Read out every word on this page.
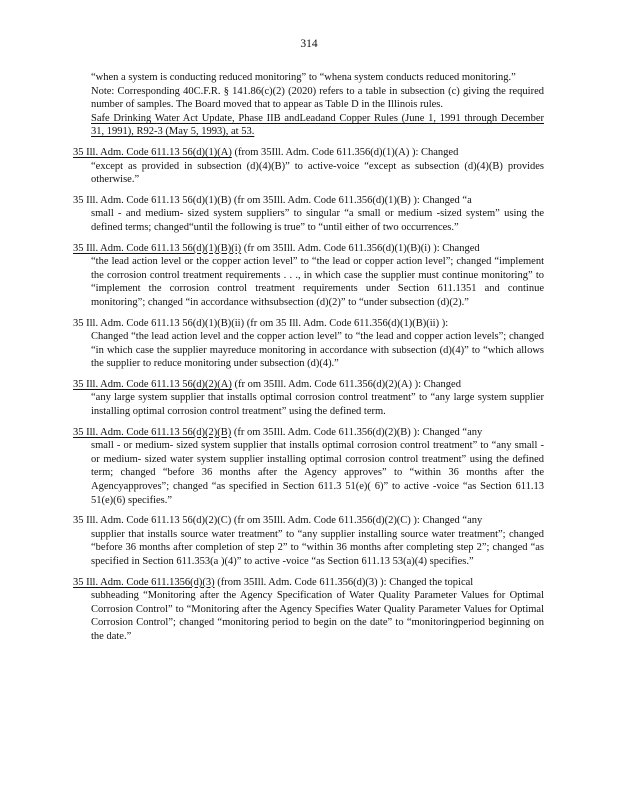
314

“when a system is conducting reduced monitoring” to “whena system conducts reduced monitoring.”

Note: Corresponding 40C.F.R. § 141.86(c)(2) (2020) refers to a table in subsection (c) giving the required number of samples. The Board moved that to appear as Table D in the Illinois rules.

Safe Drinking Water Act Update, Phase IIB andLeadand Copper Rules (June 1, 1991 through December 31, 1991), R92-3 (May 5, 1993), at 53.

35 Ill. Adm. Code 611.13 56(d)(1)(A) (from 35Ill. Adm. Code 611.356(d)(1)(A) ): Changed

“except as provided in subsection (d)(4)(B)” to active-voice “except as subsection (d)(4)(B) provides otherwise.”

35 Ill. Adm. Code 611.13 56(d)(1)(B) (fr om 35Ill. Adm. Code 611.356(d)(1)(B) ): Changed “a

small - and medium- sized system suppliers” to singular “a small or medium -sized system” using the defined terms; changed“until the following is true” to “until either of two occurrences.”

35 Ill. Adm. Code 611.13 56(d)(1)(B)(i) (fr om 35Ill. Adm. Code 611.356(d)(1)(B)(i) ): Changed

“the lead action level or the copper action level” to “the lead or copper action level”; changed “implement the corrosion control treatment requirements . . ., in which case the supplier must continue monitoring” to “implement the corrosion control treatment requirements under Section 611.1351 and continue monitoring”; changed “in accordance withsubsection (d)(2)” to “under subsection (d)(2).”

35 Ill. Adm. Code 611.13 56(d)(1)(B)(ii) (fr om 35 Ill. Adm. Code 611.356(d)(1)(B)(ii) ):

Changed “the lead action level and the copper action level” to “the lead and copper action levels”; changed “in which case the supplier mayreduce monitoring in accordance with subsection (d)(4)” to “which allows the supplier to reduce monitoring under subsection (d)(4).”

35 Ill. Adm. Code 611.13 56(d)(2)(A) (fr om 35Ill. Adm. Code 611.356(d)(2)(A) ): Changed

“any large system supplier that installs optimal corrosion control treatment” to “any large system supplier installing optimal corrosion control treatment” using the defined term.

35 Ill. Adm. Code 611.13 56(d)(2)(B) (fr om 35Ill. Adm. Code 611.356(d)(2)(B) ): Changed “any

small - or medium- sized system supplier that installs optimal corrosion control treatment” to “any small - or medium- sized water system supplier installing optimal corrosion control treatment” using the defined term; changed “before 36 months after the Agency approves” to “within 36 months after the Agencyapproves”; changed “as specified in Section 611.3 51(e)( 6)” to active -voice “as Section 611.13 51(e)(6) specifies.”

35 Ill. Adm. Code 611.13 56(d)(2)(C) (fr om 35Ill. Adm. Code 611.356(d)(2)(C) ): Changed “any

supplier that installs source water treatment” to “any supplier installing source water treatment”; changed “before 36 months after completion of step 2” to “within 36 months after completing step 2”; changed “as specified in Section 611.353(a )(4)” to active -voice “as Section 611.13 53(a)(4) specifies.”

35 Ill. Adm. Code 611.1356(d)(3) (from 35Ill. Adm. Code 611.356(d)(3) ): Changed the topical

subheading “Monitoring after the Agency Specification of Water Quality Parameter Values for Optimal Corrosion Control” to “Monitoring after the Agency Specifies Water Quality Parameter Values for Optimal Corrosion Control”; changed “monitoring period to begin on the date” to “monitoringperiod beginning on the date.”
